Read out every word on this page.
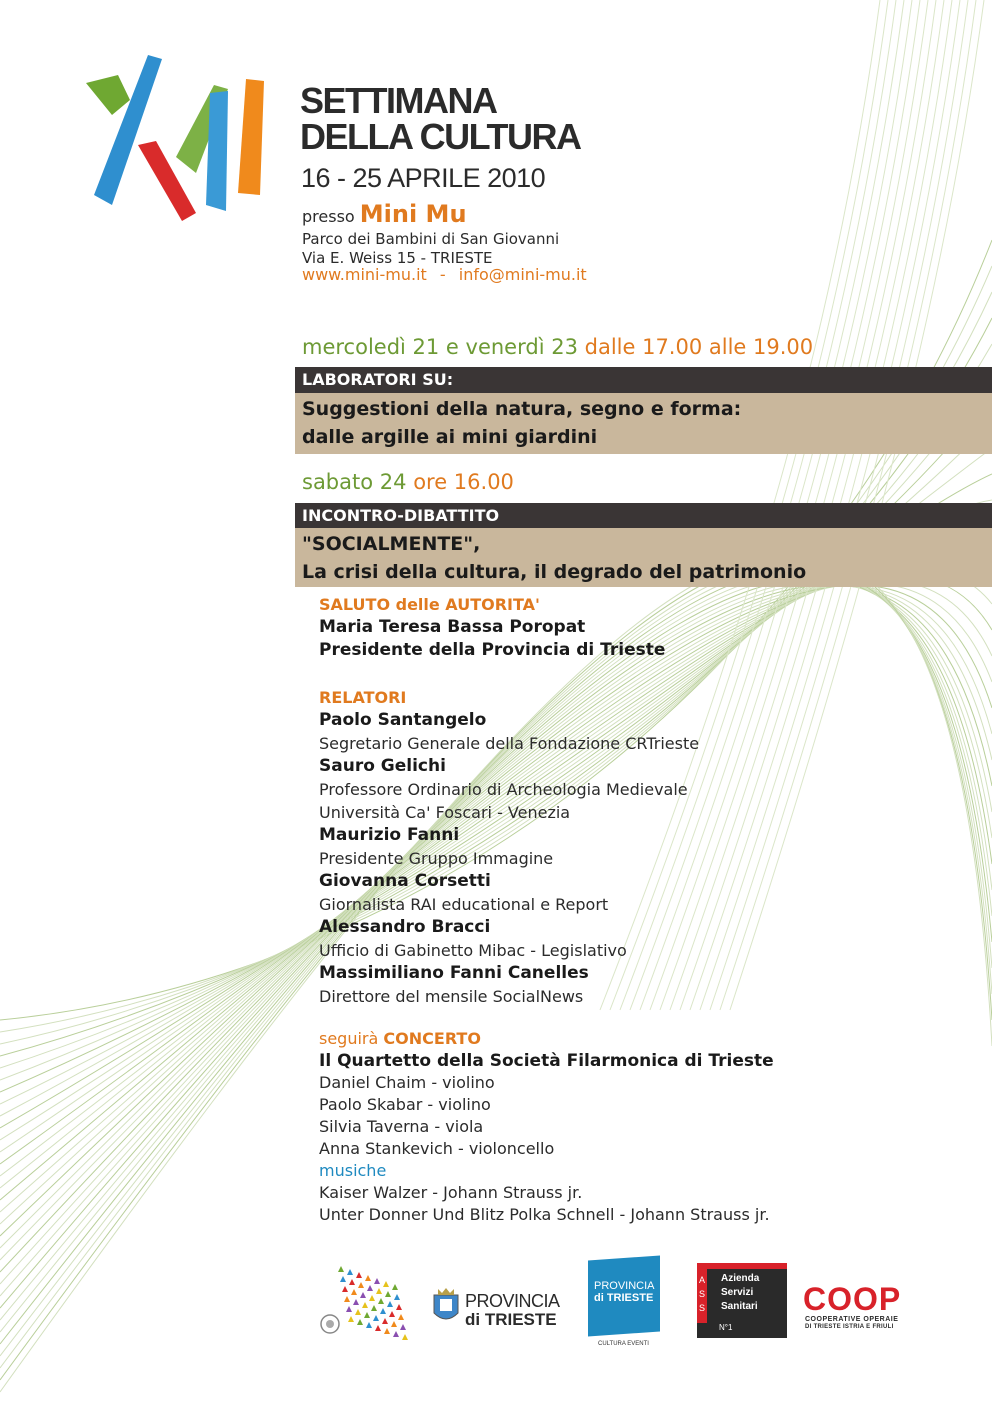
SETTIMANA
DELLA CULTURA
16 - 25 APRILE 2010
presso Mini Mu
Parco dei Bambini di San Giovanni
Via E. Weiss 15 - TRIESTE
www.mini-mu.it - info@mini-mu.it
mercoledì 21 e venerdì 23 dalle 17.00 alle 19.00
LABORATORI SU:
Suggestioni della natura, segno e forma:
dalle argille ai mini giardini
sabato 24 ore 16.00
INCONTRO-DIBATTITO
"SOCIALMENTE",
La crisi della cultura, il degrado del patrimonio
SALUTO delle AUTORITA'
Maria Teresa Bassa Poropat
Presidente della Provincia di Trieste
RELATORI
Paolo Santangelo
Segretario Generale della Fondazione CRTrieste
Sauro Gelichi
Professore Ordinario di Archeologia Medievale
Università Ca' Foscari - Venezia
Maurizio Fanni
Presidente Gruppo Immagine
Giovanna Corsetti
Giornalista RAI educational e Report
Alessandro Bracci
Ufficio di Gabinetto Mibac - Legislativo
Massimiliano Fanni Canelles
Direttore del mensile SocialNews
seguirà CONCERTO
Il Quartetto della Società Filarmonica di Trieste
Daniel Chaim - violino
Paolo Skabar - violino
Silvia Taverna - viola
Anna Stankevich - violoncello
musiche
Kaiser Walzer - Johann Strauss jr.
Unter Donner Und Blitz Polka Schnell - Johann Strauss jr.
PROVINCIA
di TRIESTE
PROVINCIA
di TRIESTE
CULTURA EVENTI
A
S
S
Azienda
Servizi
Sanitari
N°1
COOP
COOPERATIVE OPERAIE
DI TRIESTE ISTRIA E FRIULI
